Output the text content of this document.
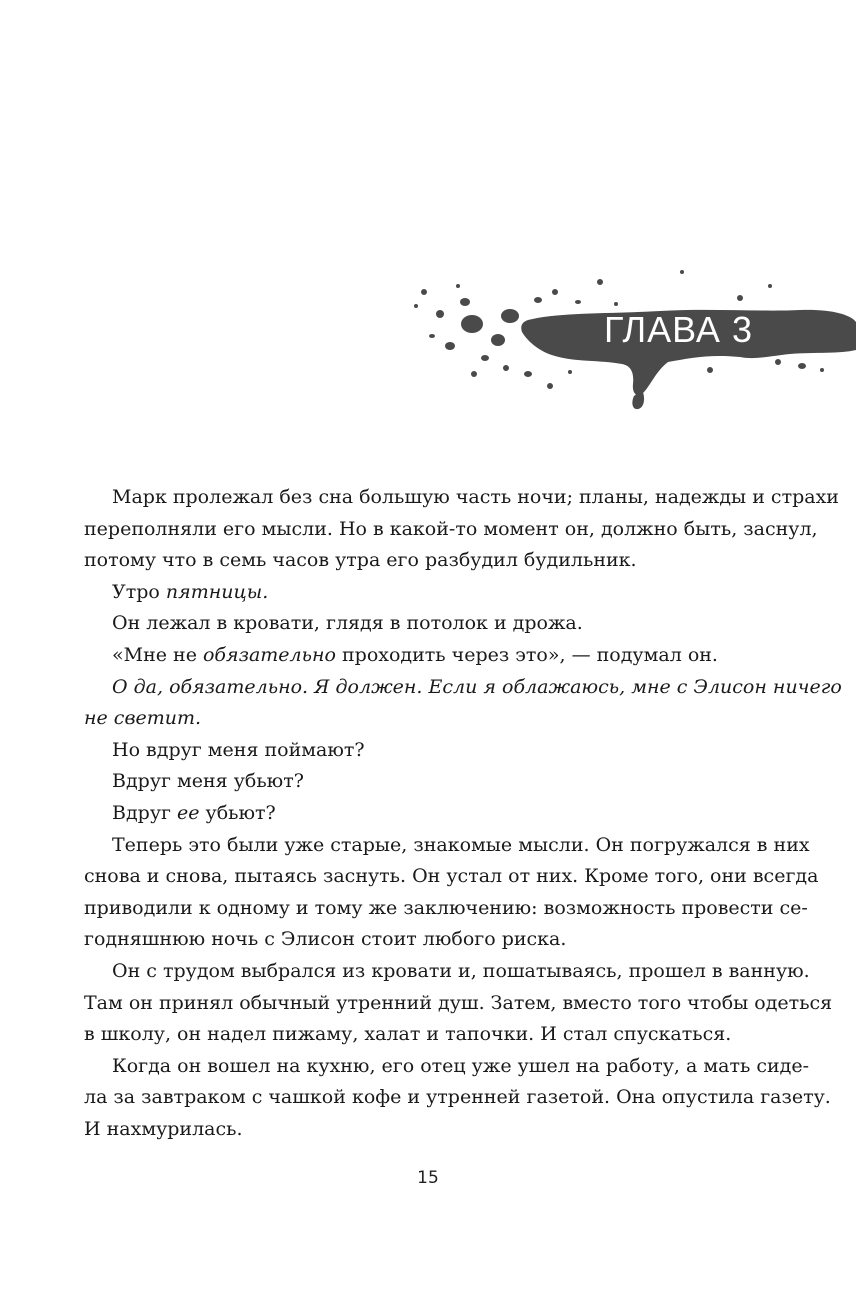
ГЛАВА 3

Марк пролежал без сна большую часть ночи; планы, надежды и страхи
переполняли его мысли. Но в какой-то момент он, должно быть, заснул,
потому что в семь часов утра его разбудил будильник.

Утро пятницы.

Он лежал в кровати, глядя в потолок и дрожа.

«Мне не обязательно проходить через это», — подумал он.

О да, обязательно. Я должен. Если я облажаюсь, мне с Элисон ничего
не светит.

Но вдруг меня поймают?

Вдруг меня убьют?

Вдруг ее убьют?

Теперь это были уже старые, знакомые мысли. Он погружался в них
снова и снова, пытаясь заснуть. Он устал от них. Кроме того, они всегда
приводили к одному и тому же заключению: возможность провести се-
годняшнюю ночь с Элисон стоит любого риска.

Он с трудом выбрался из кровати и, пошатываясь, прошел в ванную.
Там он принял обычный утренний душ. Затем, вместо того чтобы одеться
в школу, он надел пижаму, халат и тапочки. И стал спускаться.

Когда он вошел на кухню, его отец уже ушел на работу, а мать сиде-
ла за завтраком с чашкой кофе и утренней газетой. Она опустила газету.
И нахмурилась.

15
